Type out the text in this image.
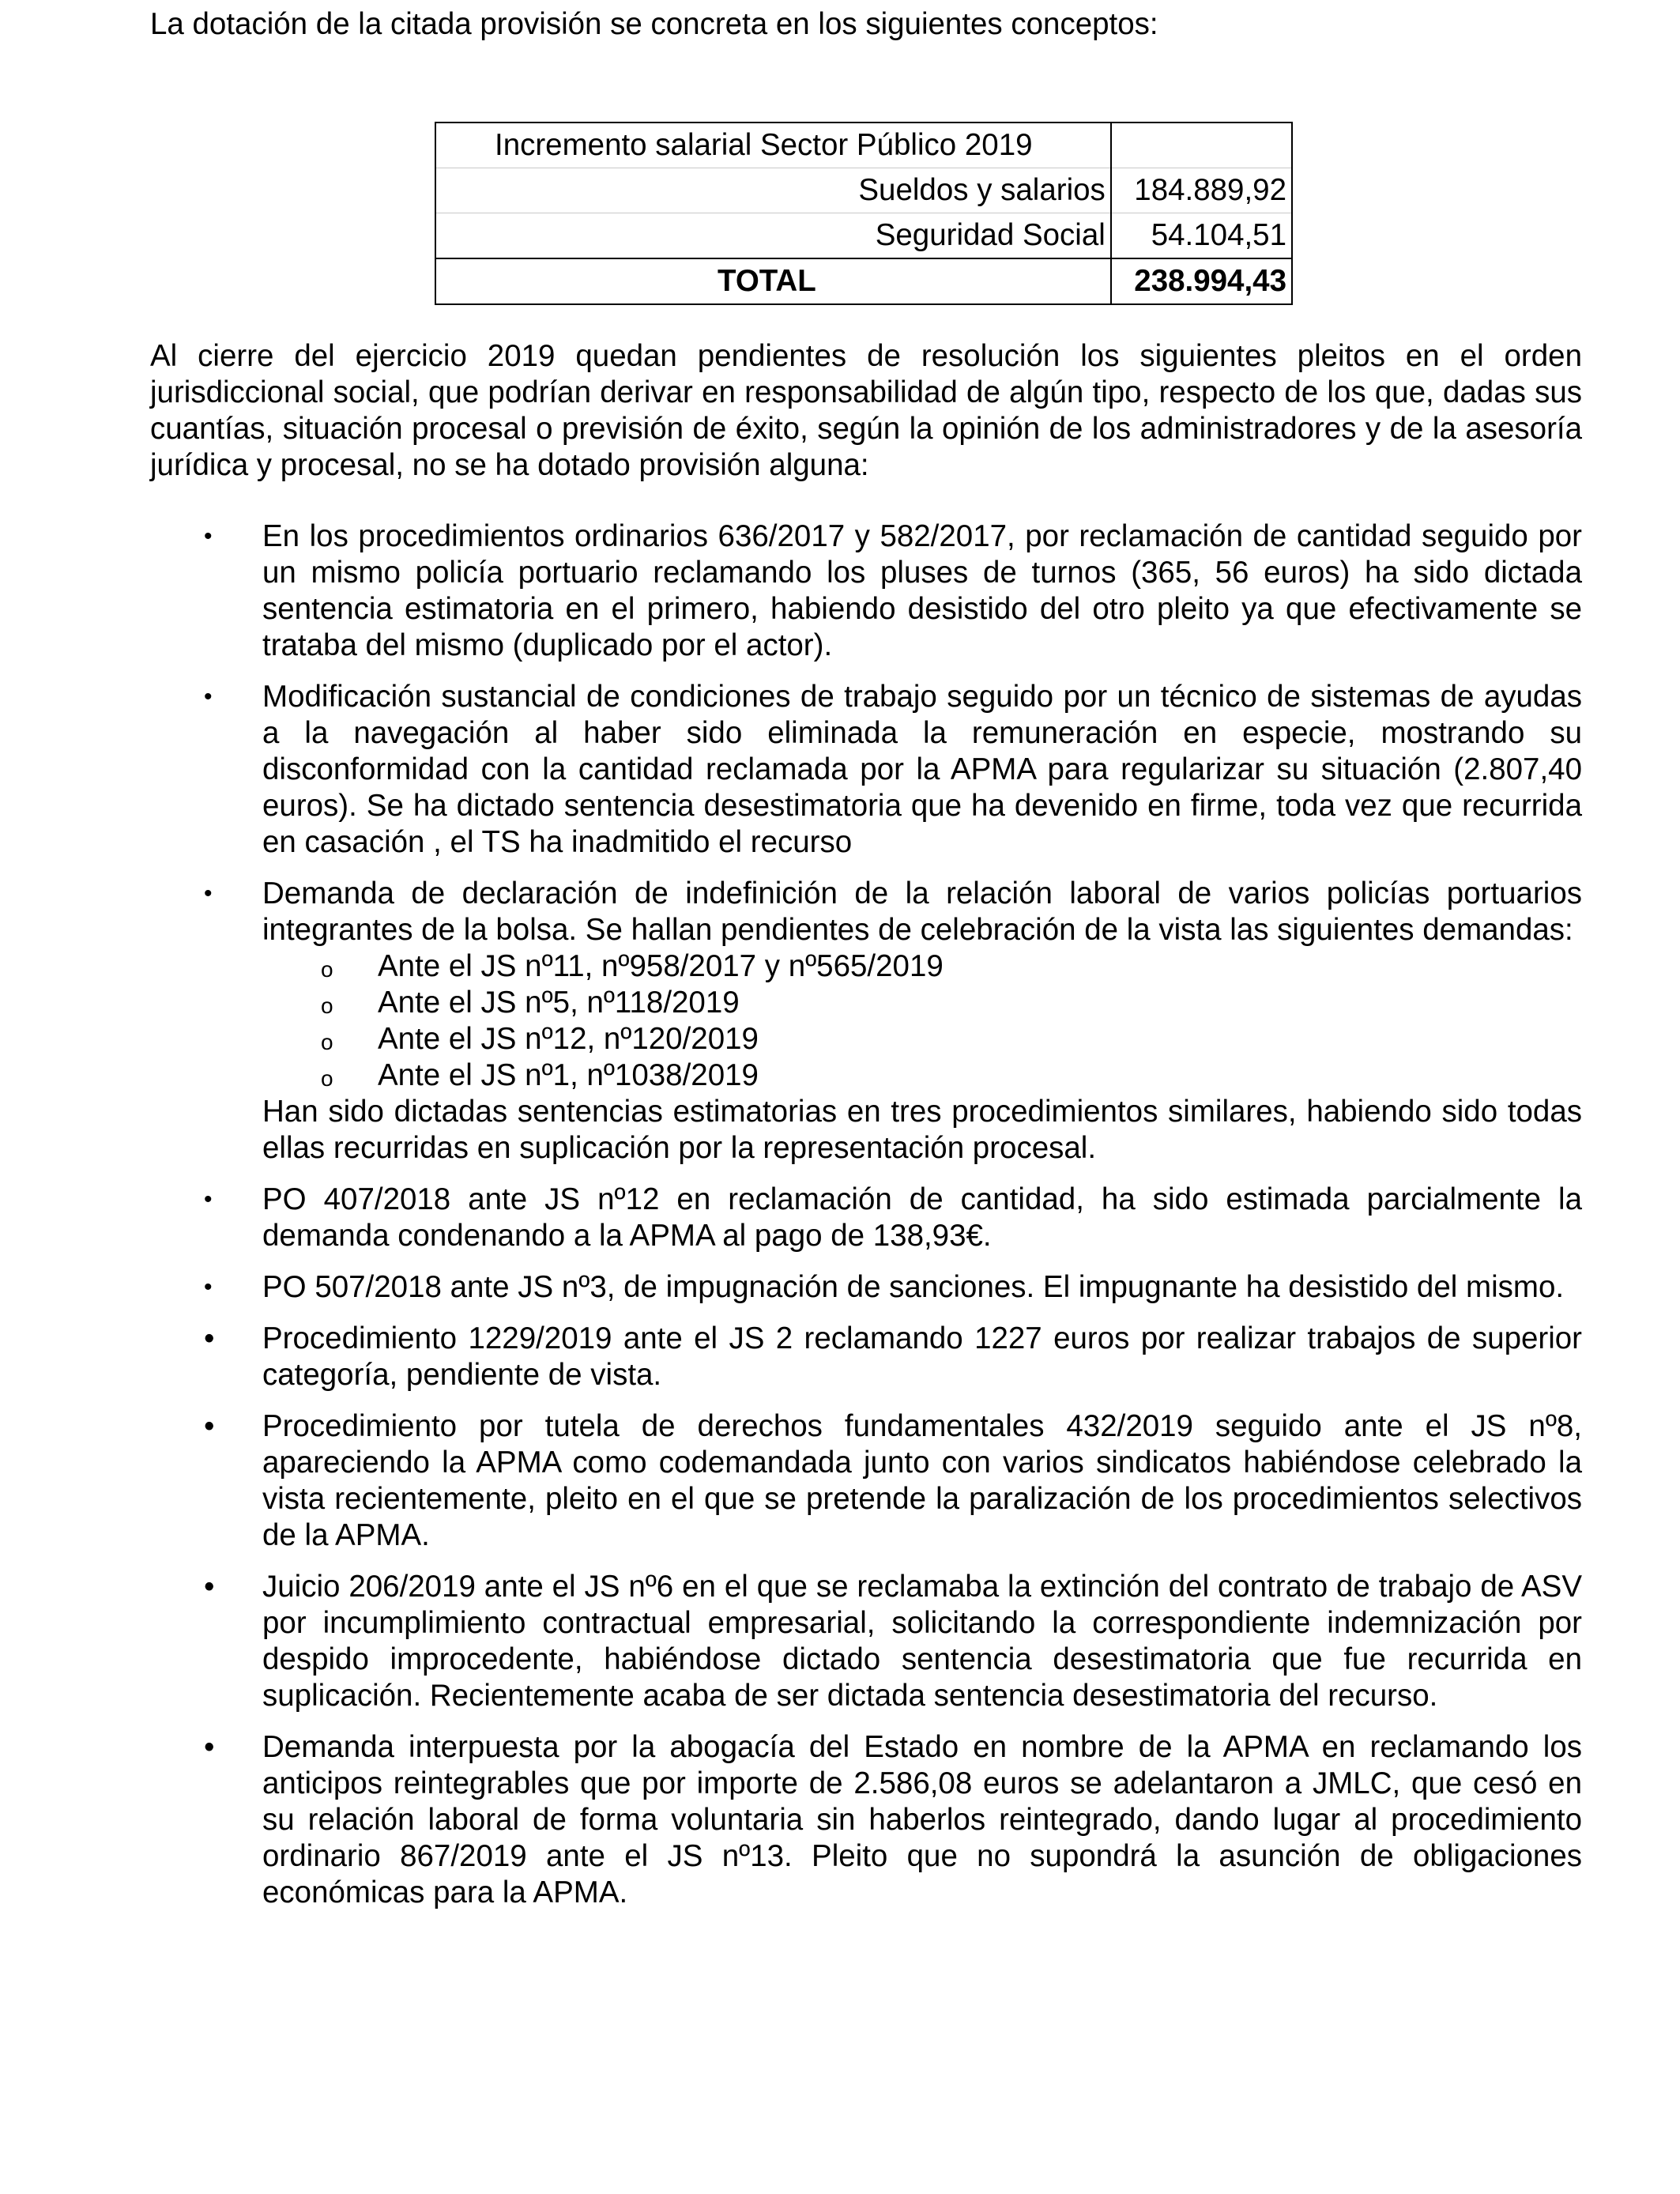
La dotación de la citada provisión se concreta en los siguientes conceptos:

Incremento salarial Sector Público 2019	
Sueldos y salarios	184.889,92
Seguridad Social	54.104,51
TOTAL	238.994,43

Al cierre del ejercicio 2019 quedan pendientes de resolución los siguientes pleitos en el orden jurisdiccional social, que podrían derivar en responsabilidad de algún tipo, respecto de los que, dadas sus cuantías, situación procesal o previsión de éxito, según la opinión de los administradores y de la asesoría jurídica y procesal, no se ha dotado provisión alguna:

• En los procedimientos ordinarios 636/2017 y 582/2017, por reclamación de cantidad seguido por un mismo policía portuario reclamando los pluses de turnos (365, 56 euros) ha sido dictada sentencia estimatoria en el primero, habiendo desistido del otro pleito ya que efectivamente se trataba del mismo (duplicado por el actor).
• Modificación sustancial de condiciones de trabajo seguido por un técnico de sistemas de ayudas a la navegación al haber sido eliminada la remuneración en especie, mostrando su disconformidad con la cantidad reclamada por la APMA para regularizar su situación (2.807,40 euros). Se ha dictado sentencia desestimatoria que ha devenido en firme, toda vez que recurrida en casación , el TS ha inadmitido el recurso
• Demanda de declaración de indefinición de la relación laboral de varios policías portuarios integrantes de la bolsa. Se hallan pendientes de celebración de la vista las siguientes demandas:
o Ante el JS nº11, nº958/2017 y nº565/2019
o Ante el JS nº5, nº118/2019
o Ante el JS nº12, nº120/2019
o Ante el JS nº1, nº1038/2019
Han sido dictadas sentencias estimatorias en tres procedimientos similares, habiendo sido todas ellas recurridas en suplicación por la representación procesal.
• PO 407/2018 ante JS nº12 en reclamación de cantidad, ha sido estimada parcialmente la demanda condenando a la APMA al pago de 138,93€.
• PO 507/2018 ante JS nº3, de impugnación de sanciones. El impugnante ha desistido del mismo.
• Procedimiento 1229/2019 ante el JS 2 reclamando 1227 euros por realizar trabajos de superior categoría, pendiente de vista.
• Procedimiento por tutela de derechos fundamentales 432/2019 seguido ante el JS nº8, apareciendo la APMA como codemandada junto con varios sindicatos habiéndose celebrado la vista recientemente, pleito en el que se pretende la paralización de los procedimientos selectivos de la APMA.
• Juicio 206/2019 ante el JS nº6 en el que se reclamaba la extinción del contrato de trabajo de ASV por incumplimiento contractual empresarial, solicitando la correspondiente indemnización por despido improcedente, habiéndose dictado sentencia desestimatoria que fue recurrida en suplicación. Recientemente acaba de ser dictada sentencia desestimatoria del recurso.
• Demanda interpuesta por la abogacía del Estado en nombre de la APMA en reclamando los anticipos reintegrables que por importe de 2.586,08 euros se adelantaron a JMLC, que cesó en su relación laboral de forma voluntaria sin haberlos reintegrado, dando lugar al procedimiento ordinario 867/2019 ante el JS nº13. Pleito que no supondrá la asunción de obligaciones económicas para la APMA.
